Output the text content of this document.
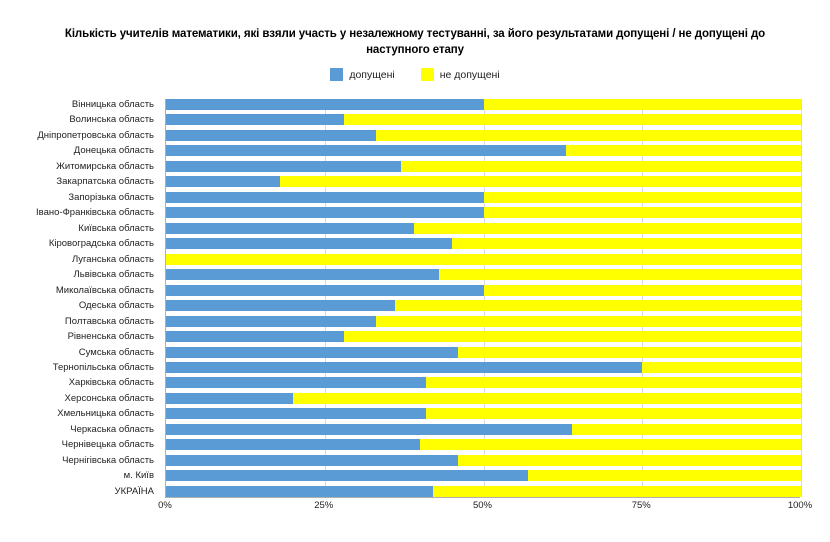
Кількість учителів математики, які взяли участь у незалежному тестуванні, за його результатами допущені / не допущені до наступного етапу
допущені	не допущені
Вінницька область
Волинська область
Дніпропетровська область
Донецька область
Житомирська область
Закарпатська область
Запорізька область
Івано-Франківська область
Київська область
Кіровоградська область
Луганська область
Львівська область
Миколаївська область
Одеська область
Полтавська область
Рівненська область
Сумська область
Тернопільська область
Харківська область
Херсонська область
Хмельницька область
Черкаська область
Чернівецька область
Чернігівська область
м. Київ
УКРАЇНА
0%	25%	50%	75%	100%
